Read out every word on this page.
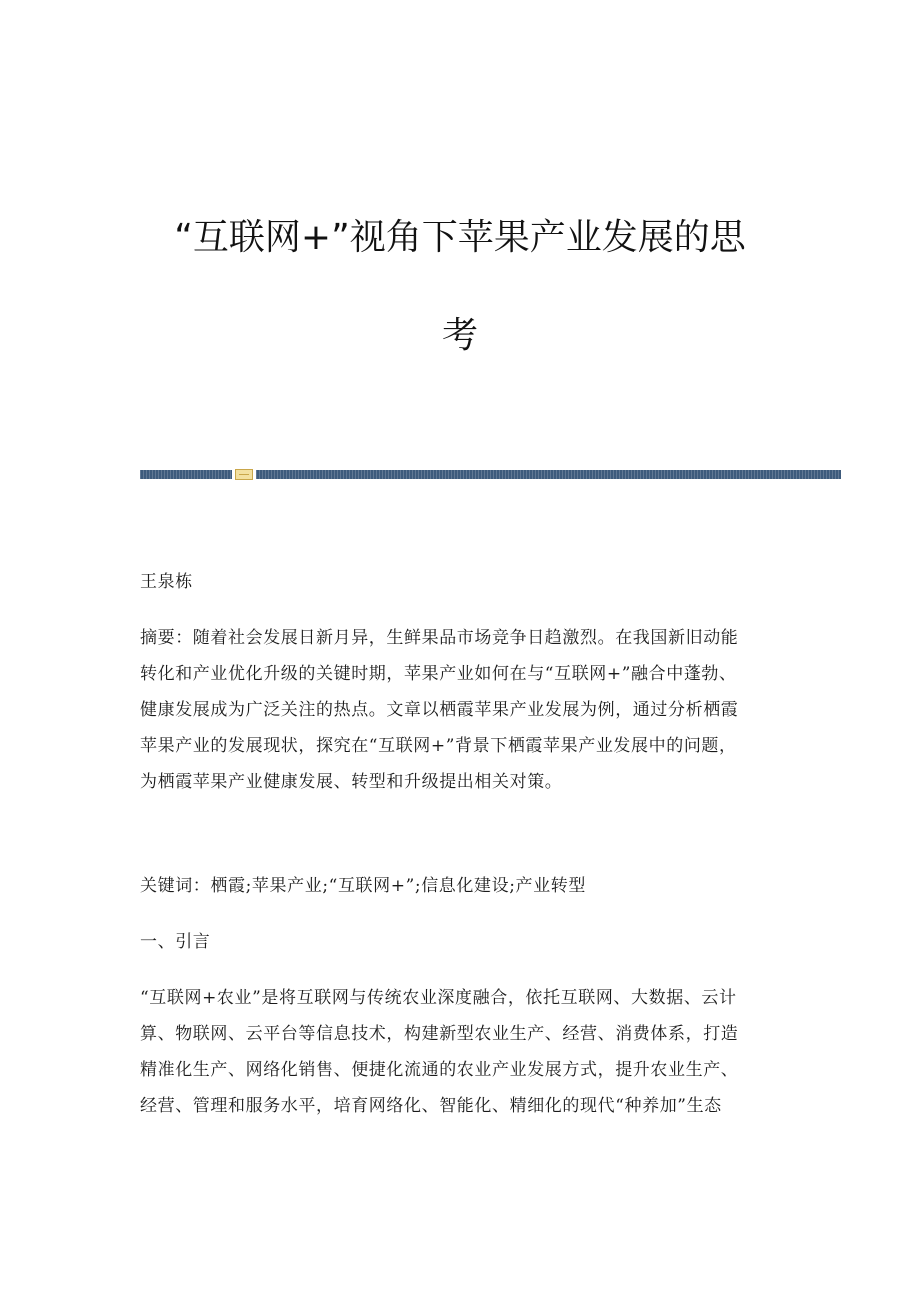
“互联网+”视角下苹果产业发展的思
考
王泉栋
摘要：随着社会发展日新月异，生鲜果品市场竞争日趋激烈。在我国新旧动能
转化和产业优化升级的关键时期，苹果产业如何在与“互联网+”融合中蓬勃、
健康发展成为广泛关注的热点。文章以栖霞苹果产业发展为例，通过分析栖霞
苹果产业的发展现状，探究在“互联网+”背景下栖霞苹果产业发展中的问题，
为栖霞苹果产业健康发展、转型和升级提出相关对策。
关键词：栖霞;苹果产业;“互联网+”;信息化建设;产业转型
一、引言
“互联网+农业”是将互联网与传统农业深度融合，依托互联网、大数据、云计
算、物联网、云平台等信息技术，构建新型农业生产、经营、消费体系，打造
精准化生产、网络化销售、便捷化流通的农业产业发展方式，提升农业生产、
经营、管理和服务水平，培育网络化、智能化、精细化的现代“种养加”生态
